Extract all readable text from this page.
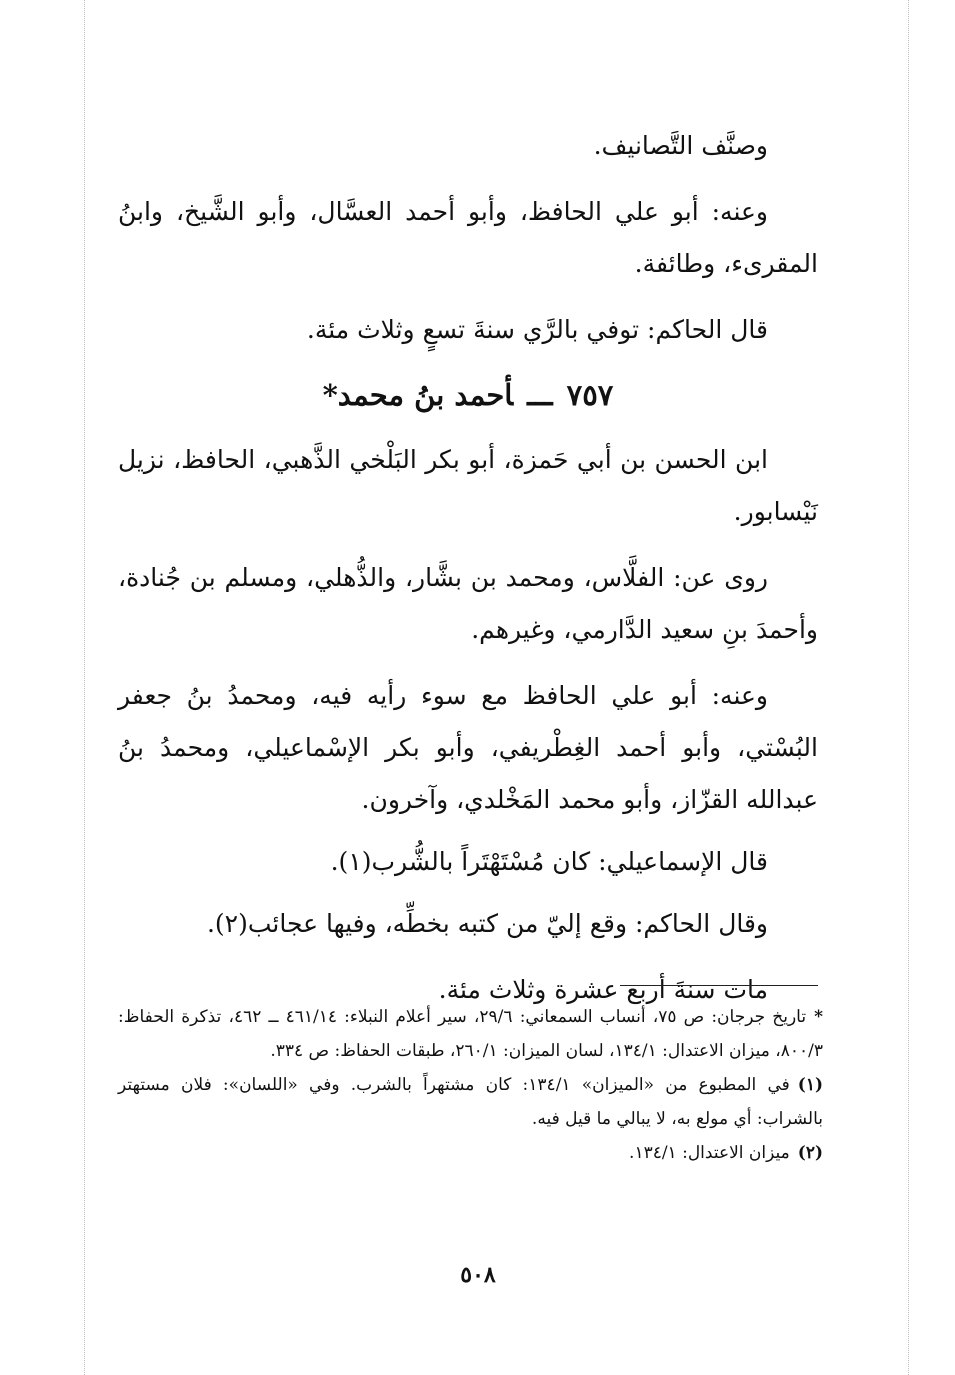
وصنَّف التَّصانيف.

وعنه: أبو علي الحافظ، وأبو أحمد العسَّال، وأبو الشَّيخ، وابنُ المقرىء، وطائفة.

قال الحاكم: توفي بالرَّي سنةَ تسعٍ وثلاث مئة.

٧٥٧ـــأحمد بنُ محمد*

ابن الحسن بن أبي حَمزة، أبو بكر البَلْخي الذَّهبي، الحافظ، نزيل نَيْسابور.

روى عن: الفلَّاس، ومحمد بن بشَّار، والذُّهلي، ومسلم بن جُنادة، وأحمدَ بنِ سعيد الدَّارمي، وغيرهم.

وعنه: أبو علي الحافظ مع سوء رأيه فيه، ومحمدُ بنُ جعفر البُسْتي، وأبو أحمد الغِطْريفي، وأبو بكر الإسْماعيلي، ومحمدُ بنُ عبدالله القزّاز، وأبو محمد المَخْلدي، وآخرون.

قال الإسماعيلي: كان مُسْتَهْتَراً بالشُّرب(١).

وقال الحاكم: وقع إليّ من كتبه بخطِّه، وفيها عجائب(٢).

مات سنةَ أربع عشرة وثلاث مئة.

*تاريخ جرجان: ص ٧٥، أنساب السمعاني: ٢٩/٦، سير أعلام النبلاء: ٤٦١/١٤ ــ ٤٦٢، تذكرة الحفاظ: ٨٠٠/٣، ميزان الاعتدال: ١٣٤/١، لسان الميزان: ٢٦٠/١، طبقات الحفاظ: ص ٣٣٤.

(١)في المطبوع من «الميزان» ١٣٤/١: كان مشتهراً بالشرب. وفي «اللسان»: فلان مستهتر بالشراب: أي مولع به، لا يبالي ما قيل فيه.

(٢)ميزان الاعتدال: ١٣٤/١.

٥٠٨
